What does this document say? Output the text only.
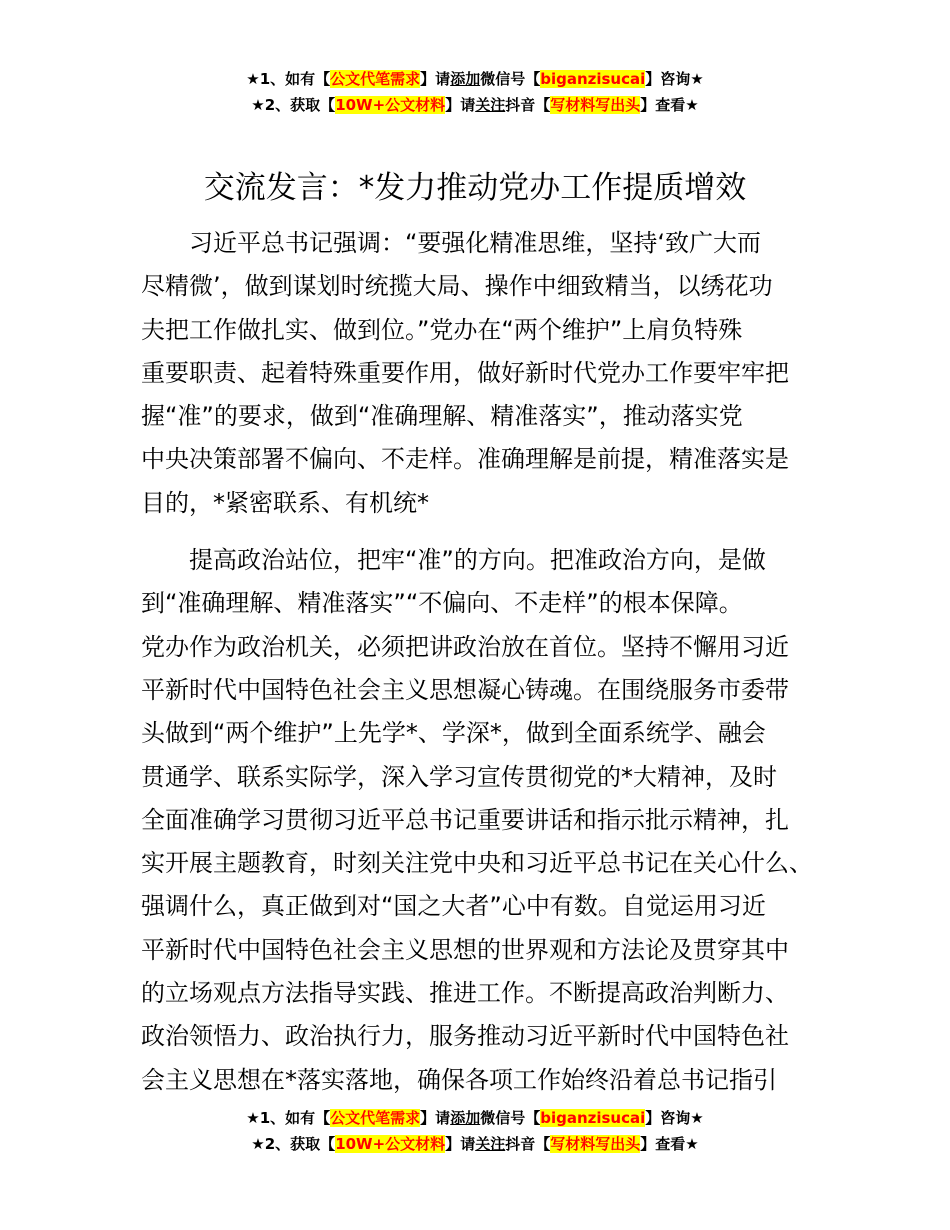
★1、如有【公文代笔需求】请添加微信号【biganzisucai】咨询★
★2、获取【10W+公文材料】请关注抖音【写材料写出头】查看★
交流发言：*发力推动党办工作提质增效
习近平总书记强调：“要强化精准思维，坚持‘致广大而
尽精微’，做到谋划时统揽大局、操作中细致精当，以绣花功
夫把工作做扎实、做到位。”党办在“两个维护”上肩负特殊
重要职责、起着特殊重要作用，做好新时代党办工作要牢牢把
握“准”的要求，做到“准确理解、精准落实”，推动落实党
中央决策部署不偏向、不走样。准确理解是前提，精准落实是
目的，*紧密联系、有机统*
提高政治站位，把牢“准”的方向。把准政治方向，是做
到“准确理解、精准落实”“不偏向、不走样”的根本保障。
党办作为政治机关，必须把讲政治放在首位。坚持不懈用习近
平新时代中国特色社会主义思想凝心铸魂。在围绕服务市委带
头做到“两个维护”上先学*、学深*，做到全面系统学、融会
贯通学、联系实际学，深入学习宣传贯彻党的*大精神，及时
全面准确学习贯彻习近平总书记重要讲话和指示批示精神，扎
实开展主题教育，时刻关注党中央和习近平总书记在关心什么、
强调什么，真正做到对“国之大者”心中有数。自觉运用习近
平新时代中国特色社会主义思想的世界观和方法论及贯穿其中
的立场观点方法指导实践、推进工作。不断提高政治判断力、
政治领悟力、政治执行力，服务推动习近平新时代中国特色社
会主义思想在*落实落地，确保各项工作始终沿着总书记指引
★1、如有【公文代笔需求】请添加微信号【biganzisucai】咨询★
★2、获取【10W+公文材料】请关注抖音【写材料写出头】查看★
